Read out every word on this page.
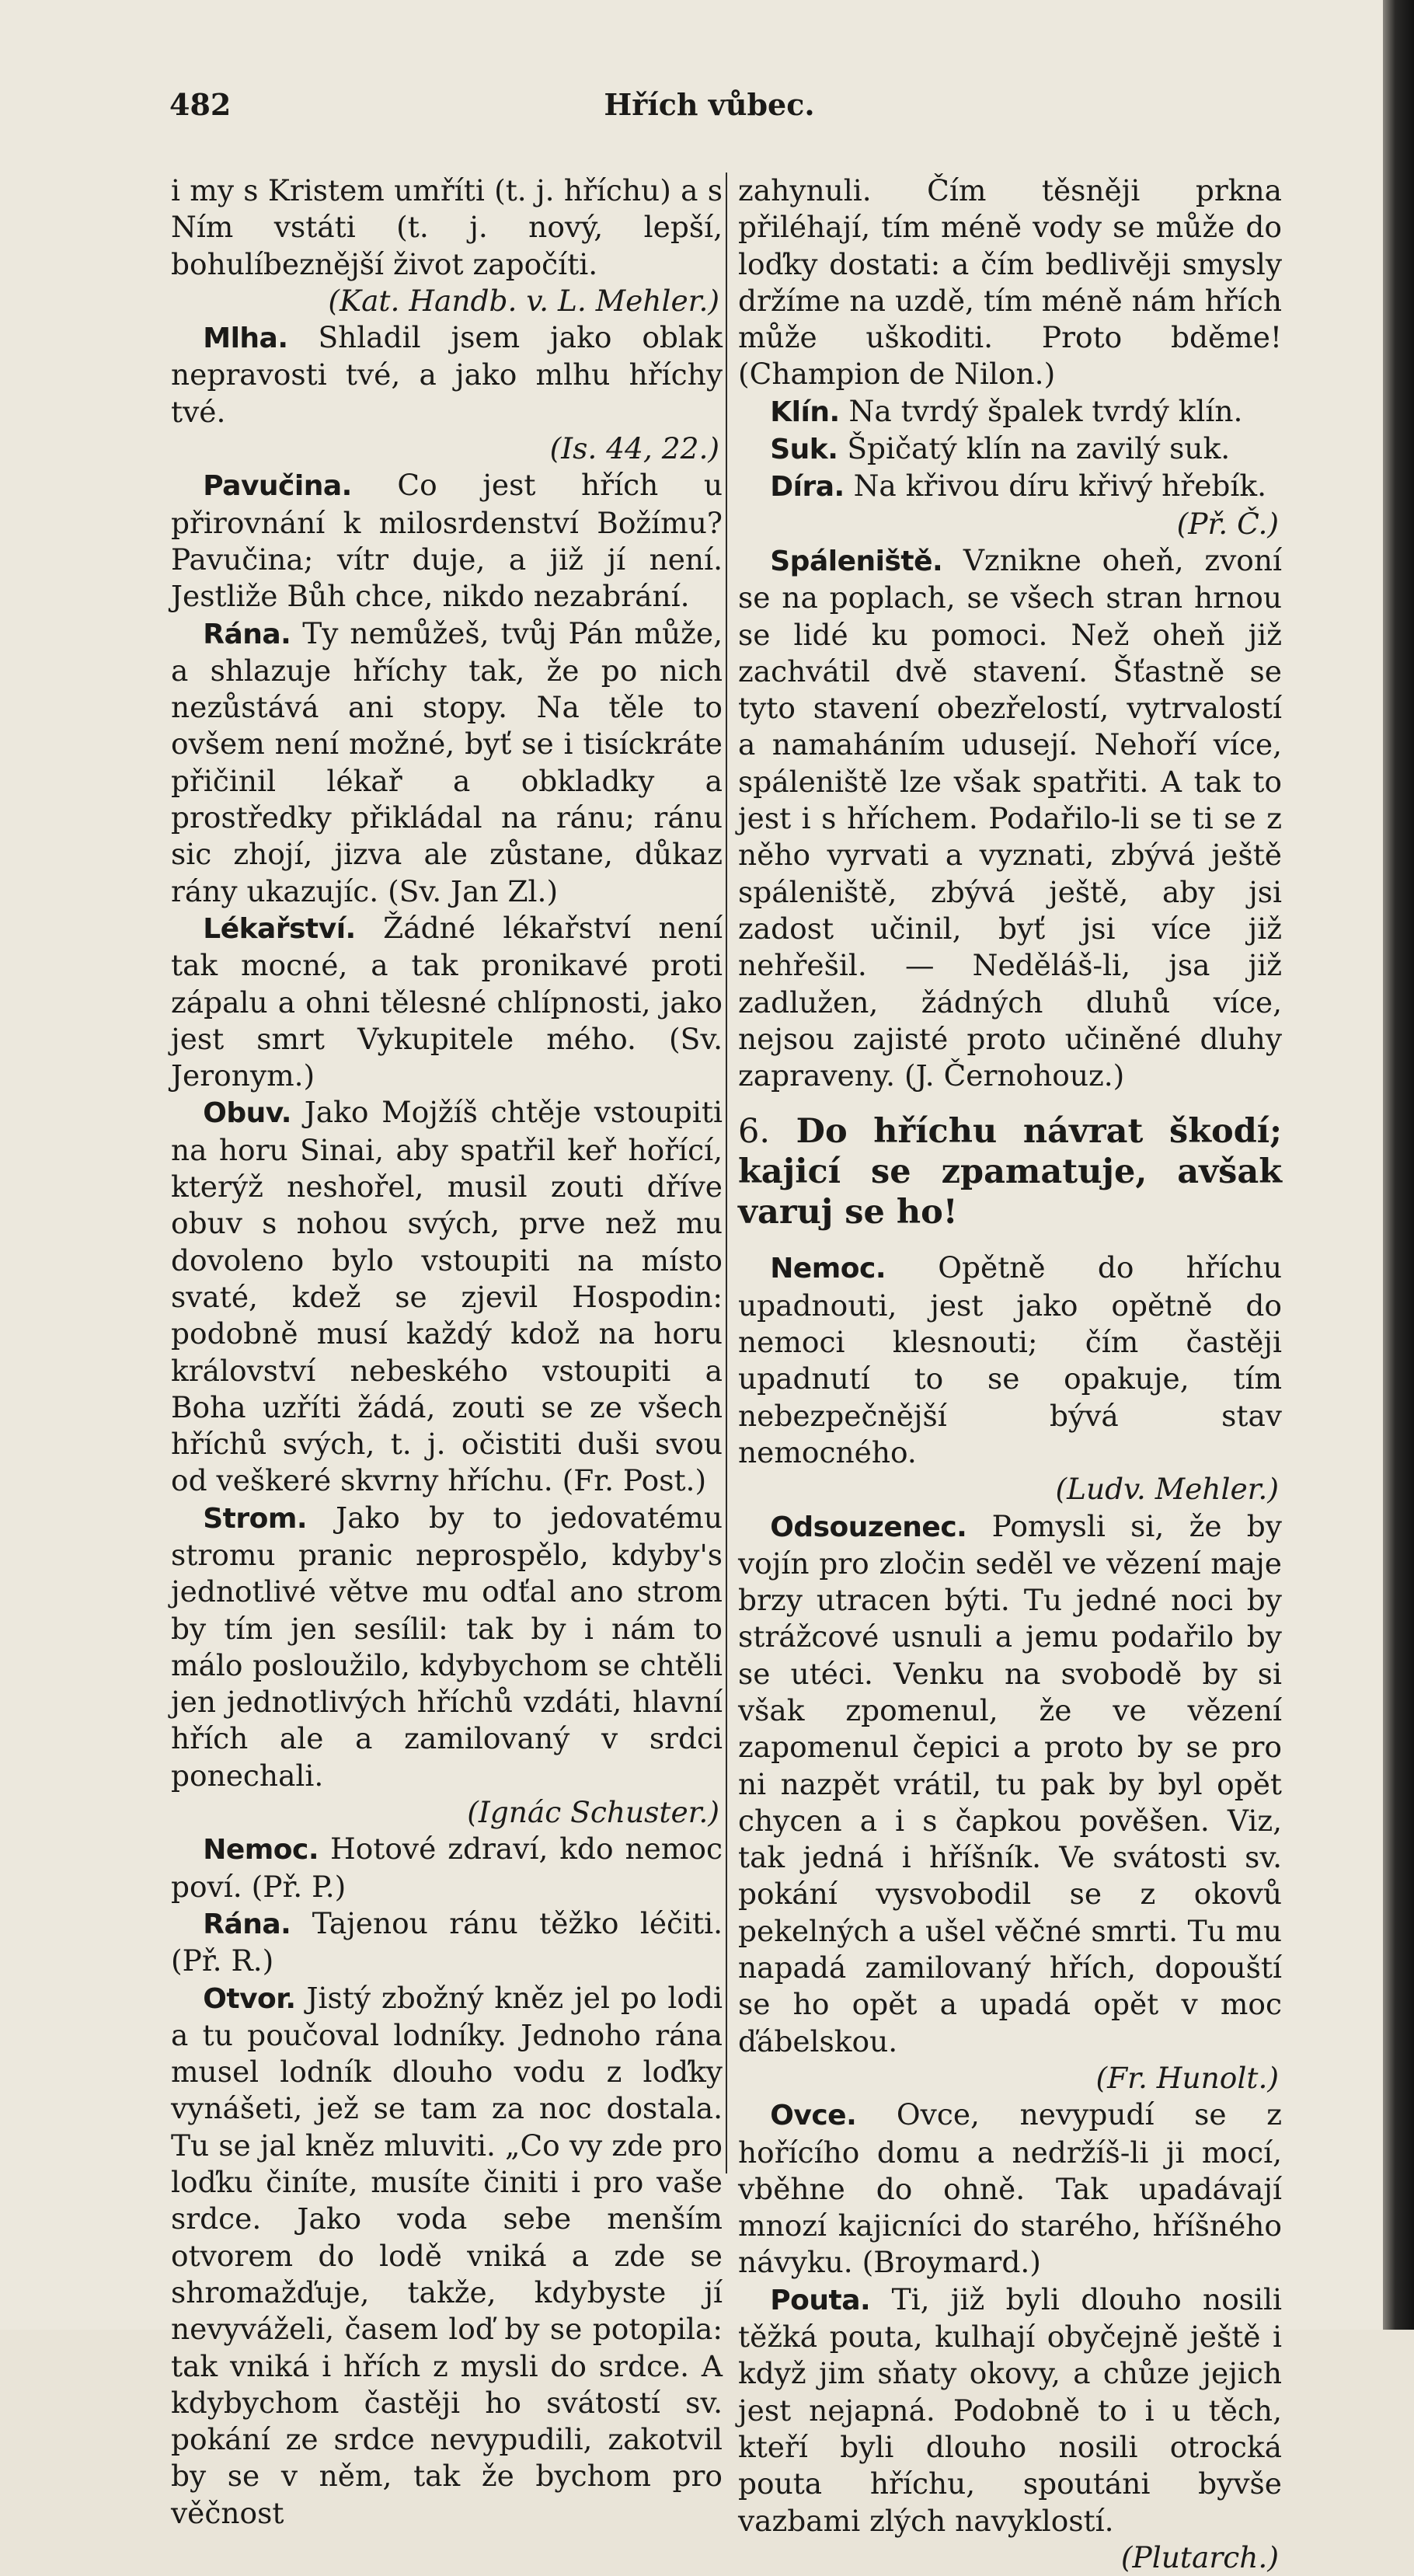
482	Hřích vůbec.

i my s Kristem umříti (t. j. hříchu) a s Ním vstáti (t. j. nový, lepší, bohulíbeznější život započíti.

(Kat. Handb. v. L. Mehler.)

Mlha. Shladil jsem jako oblak nepravosti tvé, a jako mlhu hříchy tvé.

(Is. 44, 22.)

Pavučina. Co jest hřích u přirovnání k milosrdenství Božímu? Pavučina; vítr duje, a již jí není. Jestliže Bůh chce, nikdo nezabrání.

Rána. Ty nemůžeš, tvůj Pán může, a shlazuje hříchy tak, že po nich nezůstává ani stopy. Na těle to ovšem není možné, byť se i tisíckráte přičinil lékař a obkladky a prostředky přikládal na ránu; ránu sic zhojí, jizva ale zůstane, důkaz rány ukazujíc. (Sv. Jan Zl.)

Lékařství. Žádné lékařství není tak mocné, a tak pronikavé proti zápalu a ohni tělesné chlípnosti, jako jest smrt Vykupitele mého. (Sv. Jeronym.)

Obuv. Jako Mojžíš chtěje vstoupiti na horu Sinai, aby spatřil keř hořící, kterýž neshořel, musil zouti dříve obuv s nohou svých, prve než mu dovoleno bylo vstoupiti na místo svaté, kdež se zjevil Hospodin: podobně musí každý kdož na horu království nebeského vstoupiti a Boha uzříti žádá, zouti se ze všech hříchů svých, t. j. očistiti duši svou od veškeré skvrny hříchu. (Fr. Post.)

Strom. Jako by to jedovatému stromu pranic neprospělo, kdyby's jednotlivé větve mu odťal ano strom by tím jen sesílil: tak by i nám to málo posloužilo, kdybychom se chtěli jen jednotlivých hříchů vzdáti, hlavní hřích ale a zamilovaný v srdci ponechali.

(Ignác Schuster.)

Nemoc. Hotové zdraví, kdo nemoc poví. (Př. P.)

Rána. Tajenou ránu těžko léčiti. (Př. R.)

Otvor. Jistý zbožný kněz jel po lodi a tu poučoval lodníky. Jednoho rána musel lodník dlouho vodu z loďky vynášeti, jež se tam za noc dostala. Tu se jal kněz mluviti. „Co vy zde pro loďku činíte, musíte činiti i pro vaše srdce. Jako voda sebe menším otvorem do lodě vniká a zde se shromažďuje, takže, kdybyste jí nevyváželi, časem loď by se potopila: tak vniká i hřích z mysli do srdce. A kdybychom častěji ho svátostí sv. pokání ze srdce nevypudili, zakotvil by se v něm, tak že bychom pro věčnost

zahynuli. Čím těsněji prkna přiléhají, tím méně vody se může do loďky dostati: a čím bedlivěji smysly držíme na uzdě, tím méně nám hřích může uškoditi. Proto bděme! (Champion de Nilon.)

Klín. Na tvrdý špalek tvrdý klín.

Suk. Špičatý klín na zavilý suk.

Díra. Na křivou díru křivý hřebík.

(Př. Č.)

Spáleniště. Vznikne oheň, zvoní se na poplach, se všech stran hrnou se lidé ku pomoci. Než oheň již zachvátil dvě stavení. Šťastně se tyto stavení obezřelostí, vytrvalostí a namaháním udusejí. Nehoří více, spáleniště lze však spatřiti. A tak to jest i s hříchem. Podařilo-li se ti se z něho vyrvati a vyznati, zbývá ještě spáleniště, zbývá ještě, aby jsi zadost učinil, byť jsi více již nehřešil. — Neděláš-li, jsa již zadlužen, žádných dluhů více, nejsou zajisté proto učiněné dluhy zapraveny. (J. Černohouz.)

6. Do hříchu návrat škodí; kajicí se zpamatuje, avšak varuj se ho!

Nemoc. Opětně do hříchu upadnouti, jest jako opětně do nemoci klesnouti; čím častěji upadnutí to se opakuje, tím nebezpečnější bývá stav nemocného.

(Ludv. Mehler.)

Odsouzenec. Pomysli si, že by vojín pro zločin seděl ve vězení maje brzy utracen býti. Tu jedné noci by strážcové usnuli a jemu podařilo by se utéci. Venku na svobodě by si však zpomenul, že ve vězení zapomenul čepici a proto by se pro ni nazpět vrátil, tu pak by byl opět chycen a i s čapkou pověšen. Viz, tak jedná i hříšník. Ve svátosti sv. pokání vysvobodil se z okovů pekelných a ušel věčné smrti. Tu mu napadá zamilovaný hřích, dopouští se ho opět a upadá opět v moc ďábelskou.

(Fr. Hunolt.)

Ovce. Ovce, nevypudí se z hořícího domu a nedržíš-li ji mocí, vběhne do ohně. Tak upadávají mnozí kajicníci do starého, hříšného návyku. (Broymard.)

Pouta. Ti, již byli dlouho nosili těžká pouta, kulhají obyčejně ještě i když jim sňaty okovy, a chůze jejich jest nejapná. Podobně to i u těch, kteří byli dlouho nosili otrocká pouta hříchu, spoutáni byvše vazbami zlých navyklostí.

(Plutarch.)
